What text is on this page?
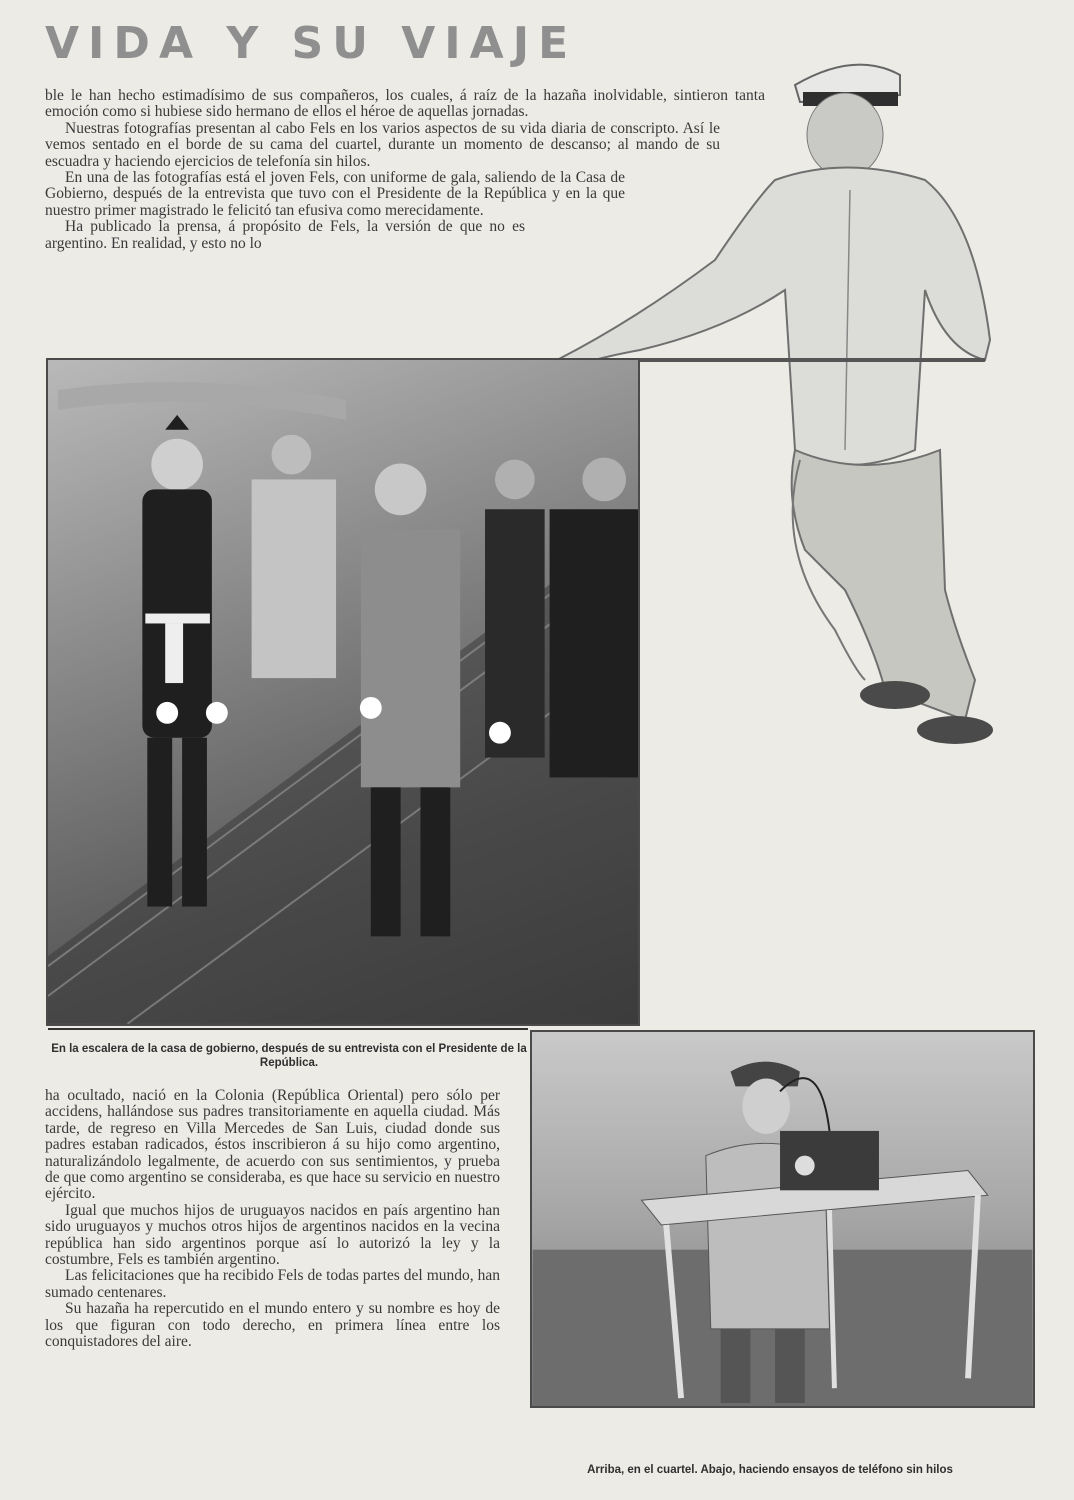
VIDA Y SU VIAJE

ble le han hecho estimadísimo de sus compañeros, los cuales, á raíz de la hazaña inolvidable, sintieron tanta emoción como si hubiese sido hermano de ellos el héroe de aquellas jornadas.

Nuestras fotografías presentan al cabo Fels en los varios aspectos de su vida diaria de conscripto. Así le vemos sentado en el borde de su cama del cuartel, durante un momento de descanso; al mando de su escuadra y haciendo ejercicios de telefonía sin hilos.

En una de las fotografías está el joven Fels, con uniforme de gala, saliendo de la Casa de Gobierno, después de la entrevista que tuvo con el Presidente de la República y en la que nuestro primer magistrado le felicitó tan efusiva como merecidamente.

Ha publicado la prensa, á propósito de Fels, la versión de que no es argentino. En realidad, y esto no lo

En la escalera de la casa de gobierno, después de su entrevista con el Presidente de la República.

ha ocultado, nació en la Colonia (República Oriental) pero sólo per accidens, hallándose sus padres transitoriamente en aquella ciudad. Más tarde, de regreso en Villa Mercedes de San Luis, ciudad donde sus padres estaban radicados, éstos inscribieron á su hijo como argentino, naturalizándolo legalmente, de acuerdo con sus sentimientos, y prueba de que como argentino se consideraba, es que hace su servicio en nuestro ejército.

Igual que muchos hijos de uruguayos nacidos en país argentino han sido uruguayos y muchos otros hijos de argentinos nacidos en la vecina república han sido argentinos porque así lo autorizó la ley y la costumbre, Fels es también argentino.

Las felicitaciones que ha recibido Fels de todas partes del mundo, han sumado centenares.

Su hazaña ha repercutido en el mundo entero y su nombre es hoy de los que figuran con todo derecho, en primera línea entre los conquistadores del aire.

Arriba, en el cuartel. Abajo, haciendo ensayos de teléfono sin hilos
